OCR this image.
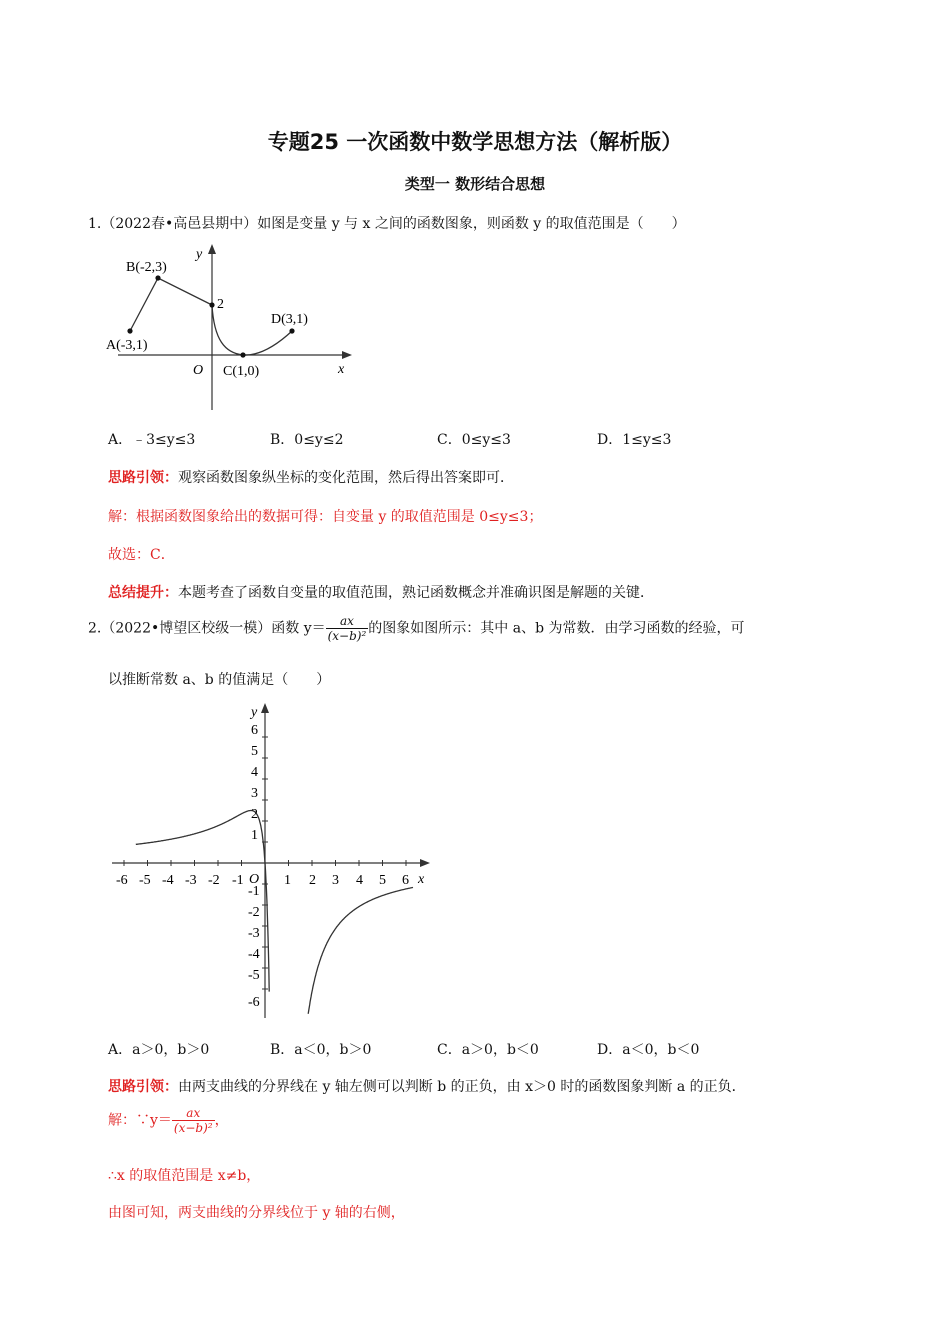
专题25 一次函数中数学思想方法（解析版）
类型一 数形结合思想
1.（2022春•高邑县期中）如图是变量 y 与 x 之间的函数图象，则函数 y 的取值范围是（　　）
B(-2,3)
A(-3,1)
2
D(3,1)
C(1,0)
O	x
y
A．﹣3≤y≤3	B．0≤y≤2	C．0≤y≤3	D．1≤y≤3
思路引领：观察函数图象纵坐标的变化范围，然后得出答案即可．
解：根据函数图象给出的数据可得：自变量 y 的取值范围是 0≤y≤3；
故选：C．
总结提升：本题考查了函数自变量的取值范围，熟记函数概念并准确识图是解题的关键．
2.（2022•博望区校级一模）函数 $y= \frac{ax}{\text{(x−b)²}}$ 的图象如图所示：其中 a、b 为常数．由学习函数的经验，可
以推断常数 a、b 的值满足（　　）
6
5
4
3
2
1
-1
-2
-3
-4
-5
-6
-6 -5 -4 -3 -2 -1	1 2 3 4 5 6
O	x
y
A．a＞0，b＞0	B．a＜0，b＞0	C．a＞0，b＜0	D．a＜0，b＜0
思路引领：由两支曲线的分界线在 y 轴左侧可以判断 b 的正负，由 x＞0 时的函数图象判断 a 的正负．
解：∵y＝ $\frac{ax}{\text{(x−b)²}}$ ，
∴x 的取值范围是 x≠b，
由图可知，两支曲线的分界线位于 y 轴的右侧，
